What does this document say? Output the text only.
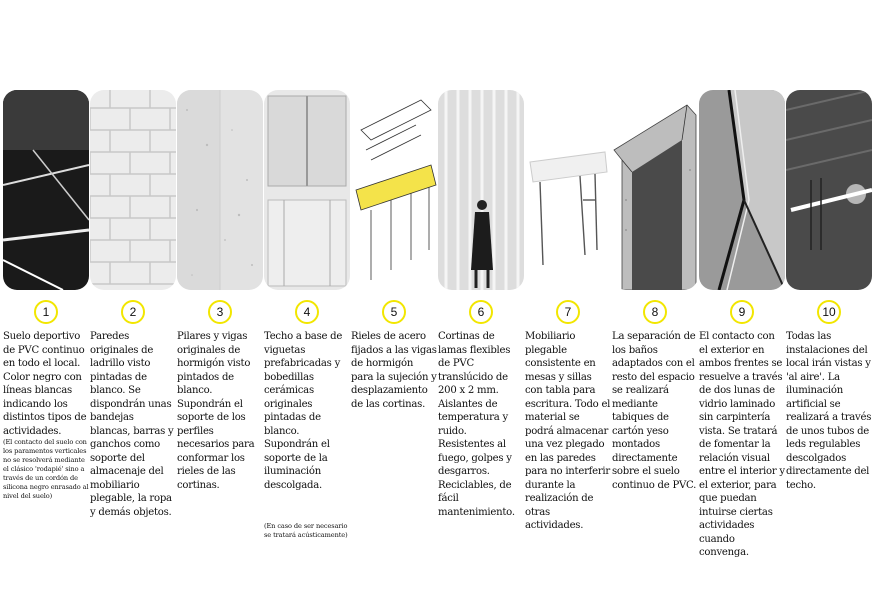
1

Suelo deportivo de PVC continuo en todo el local. Color negro con líneas blancas indicando los distintos tipos de actividades.

(El contacto del suelo con los paramentos verticales no se resolverá mediante el clásico 'rodapié' sino a través de un cordón de silicona negro enrasado al nivel del suelo)

2

Paredes originales de ladrillo visto pintadas de blanco. Se dispondrán unas bandejas blancas, barras y ganchos como soporte del almacenaje del mobiliario plegable, la ropa y demás objetos.

3

Pilares y vigas originales de hormigón visto pintados de blanco. Supondrán el soporte de los perfiles necesarios para conformar los rieles de las cortinas.

4

Techo a base de viguetas prefabricadas y bobedillas cerámicas originales pintadas de blanco. Supondrán el soporte de la iluminación descolgada.

(En caso de ser necesario se tratará acústicamente)

5

Rieles de acero fijados a las vigas de hormigón para la sujeción y desplazamiento de las cortinas.

6

Cortinas de lamas flexibles de PVC translúcido de 200 x 2 mm. Aislantes de temperatura y ruido. Resistentes al fuego, golpes y desgarros. Reciclables, de fácil mantenimiento.

7

Mobiliario plegable consistente en mesas y sillas con tabla para escritura. Todo el material se podrá almacenar una vez plegado en las paredes para no interferir durante la realización de otras actividades.

8

La separación de los baños adaptados con el resto del espacio se realizará mediante tabiques de cartón yeso montados directamente sobre el suelo continuo de PVC.

9

El contacto con el exterior en ambos frentes se resuelve a través de dos lunas de vidrio laminado sin carpintería vista. Se tratará de fomentar la relación visual entre el interior y el exterior, para que puedan intuirse ciertas actividades cuando convenga.

10

Todas las instalaciones del local irán vistas y 'al aire'. La iluminación artificial se realizará a través de unos tubos de leds regulables descolgados directamente del techo.
